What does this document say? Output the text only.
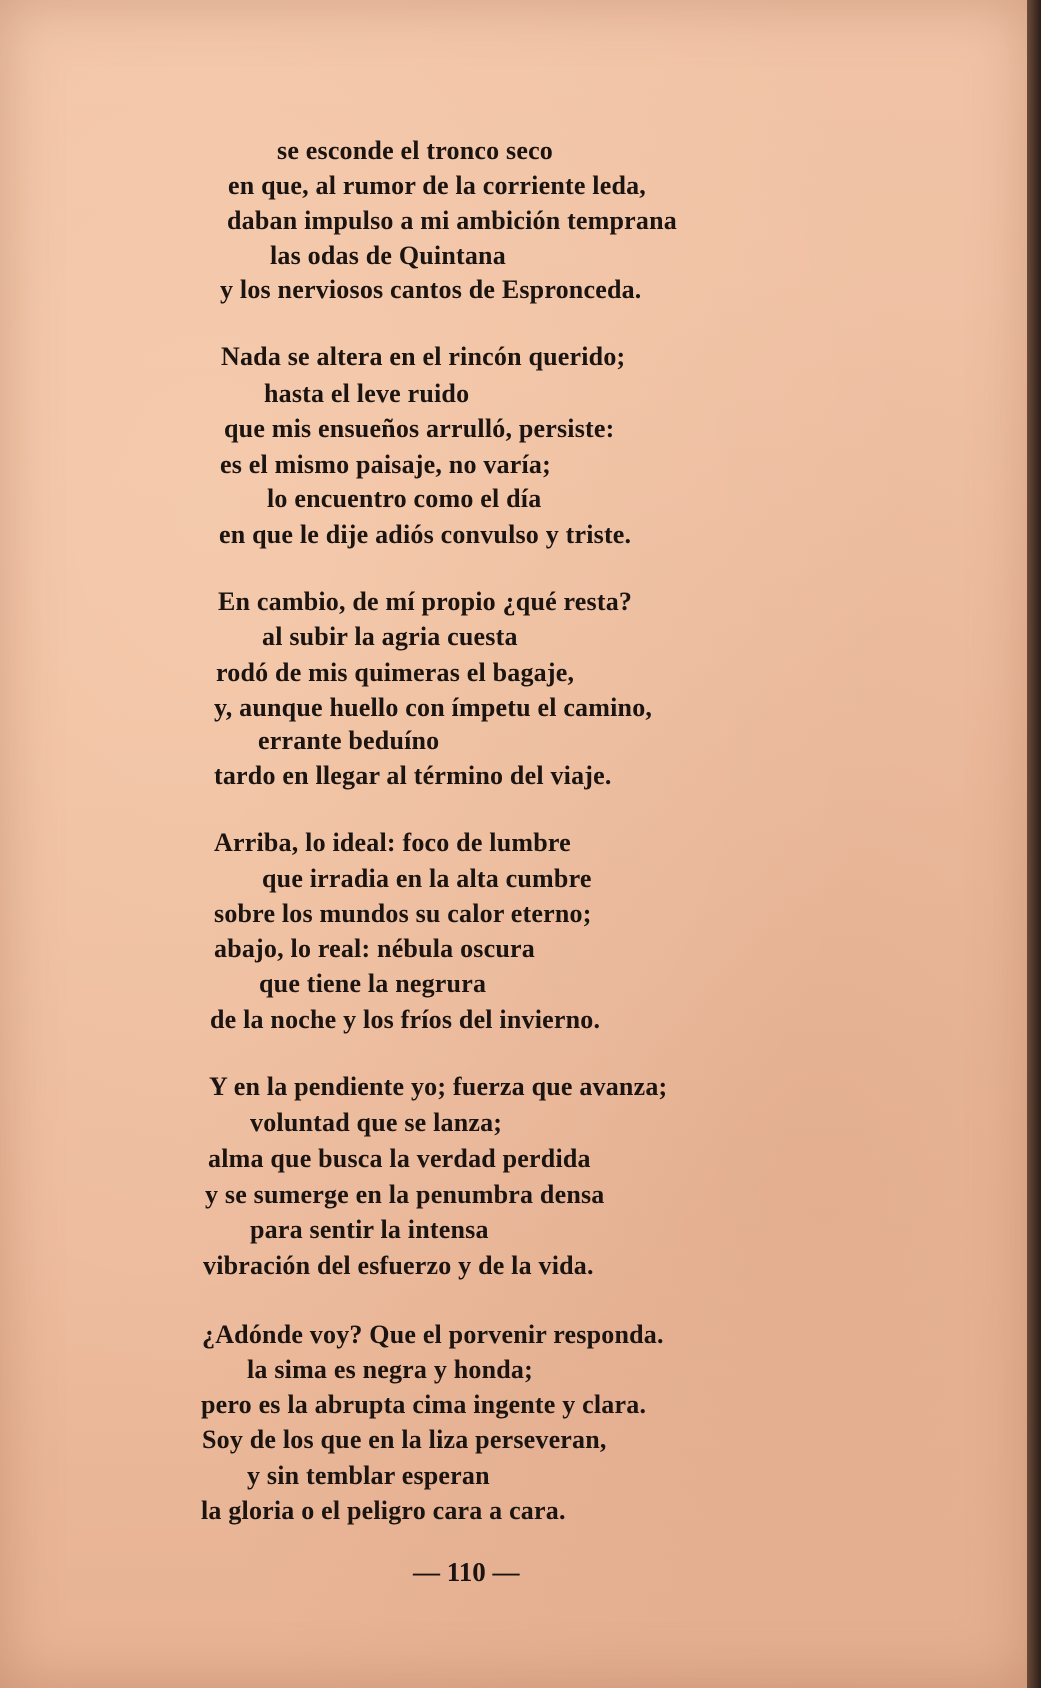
se esconde el tronco seco
en que, al rumor de la corriente leda,
daban impulso a mi ambición temprana
las odas de Quintana
y los nerviosos cantos de Espronceda.
Nada se altera en el rincón querido;
hasta el leve ruido
que mis ensueños arrulló, persiste:
es el mismo paisaje, no varía;
lo encuentro como el día
en que le dije adiós convulso y triste.
En cambio, de mí propio ¿qué resta?
al subir la agria cuesta
rodó de mis quimeras el bagaje,
y, aunque huello con ímpetu el camino,
errante beduíno
tardo en llegar al término del viaje.
Arriba, lo ideal: foco de lumbre
que irradia en la alta cumbre
sobre los mundos su calor eterno;
abajo, lo real: nébula oscura
que tiene la negrura
de la noche y los fríos del invierno.
Y en la pendiente yo; fuerza que avanza;
voluntad que se lanza;
alma que busca la verdad perdida
y se sumerge en la penumbra densa
para sentir la intensa
vibración del esfuerzo y de la vida.
¿Adónde voy? Que el porvenir responda.
la sima es negra y honda;
pero es la abrupta cima ingente y clara.
Soy de los que en la liza perseveran,
y sin temblar esperan
la gloria o el peligro cara a cara.
— 110 —
